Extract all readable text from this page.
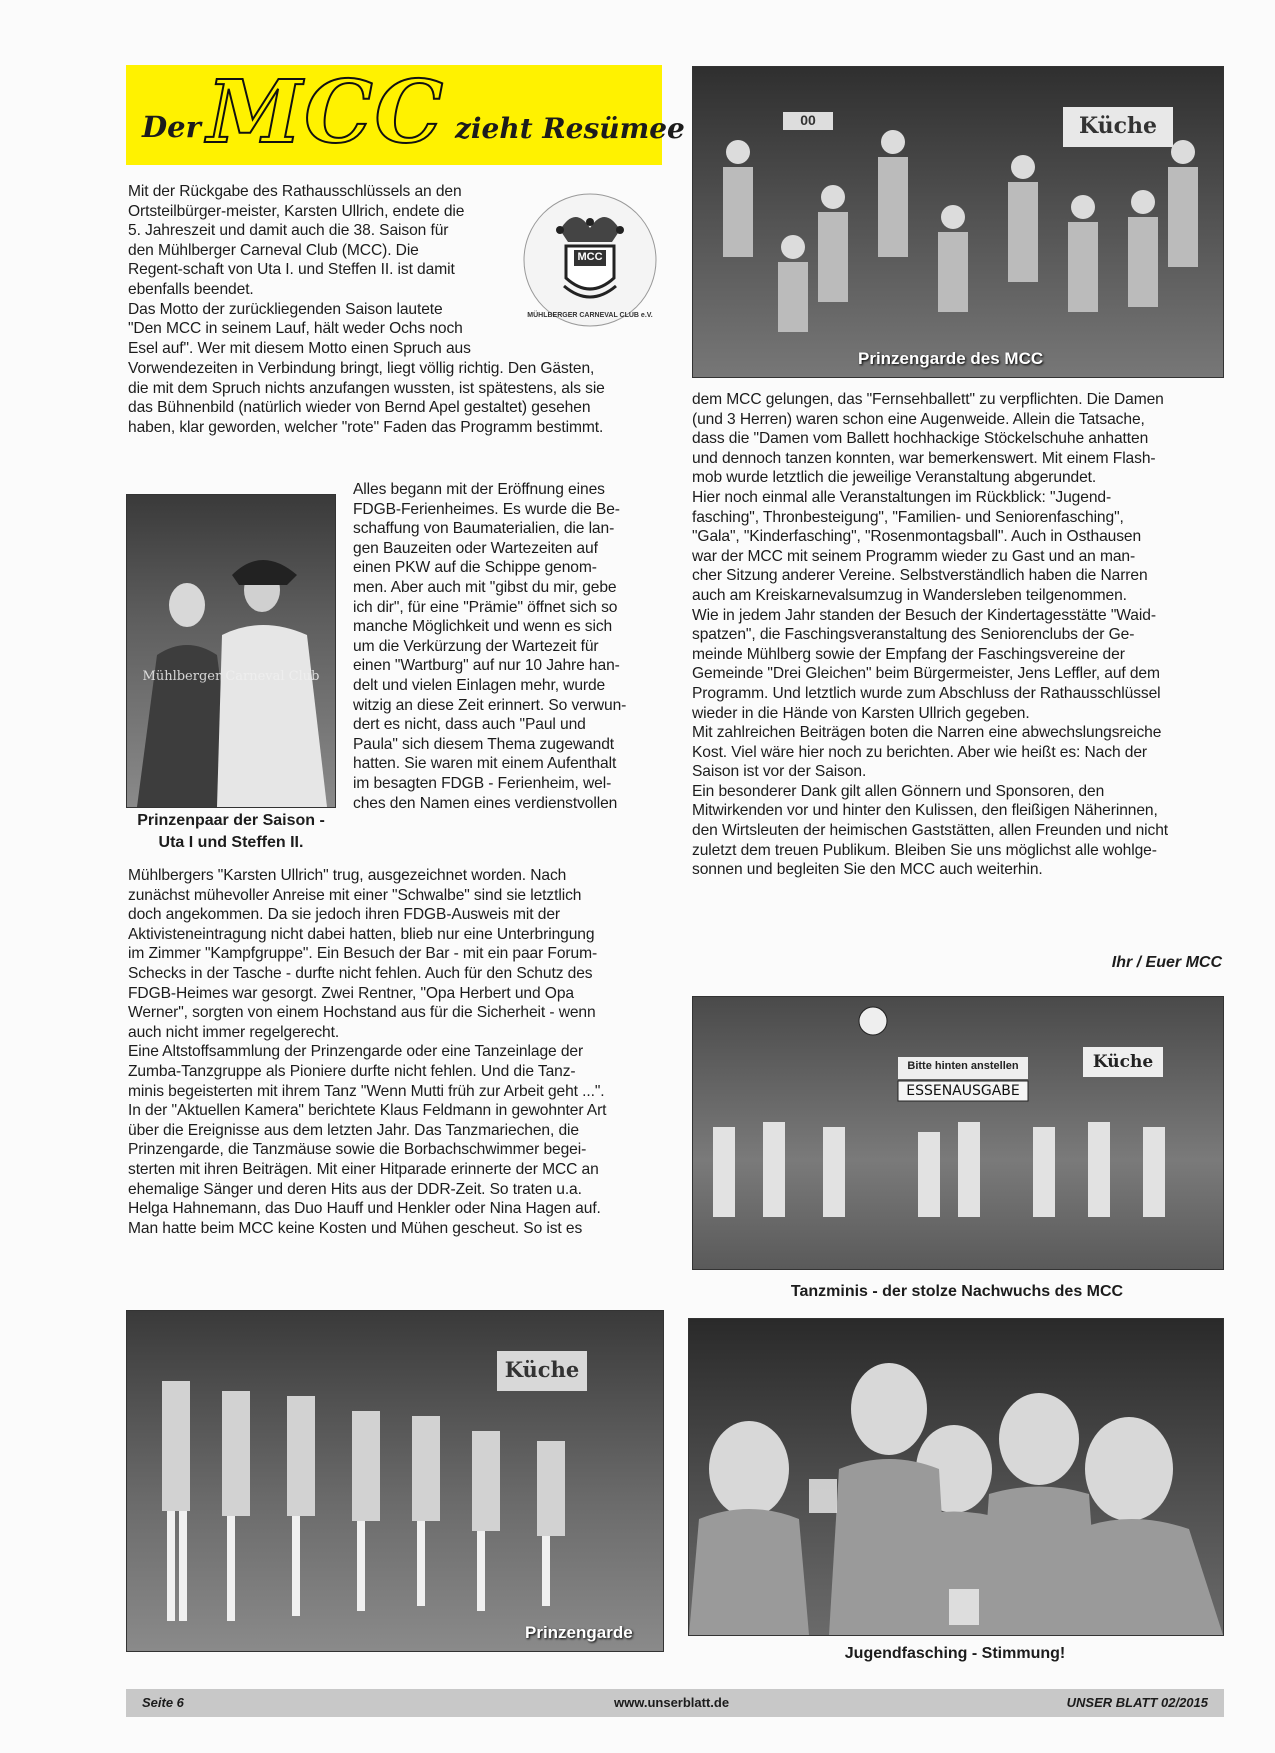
Der MCC zieht Resümee
MCC
MÜHLBERGER CARNEVAL CLUB e.V.

Mit der Rückgabe des Rathausschlüssels an den

Ortsteilbürger-meister, Karsten Ullrich, endete die

5. Jahreszeit und damit auch die 38. Saison für

den Mühlberger Carneval Club (MCC). Die

Regent-schaft von Uta I. und Steffen II. ist damit

ebenfalls beendet.

Das Motto der zurückliegenden Saison lautete

"Den MCC in seinem Lauf, hält weder Ochs noch

Esel auf". Wer mit diesem Motto einen Spruch aus

Vorwendezeiten in Verbindung bringt, liegt völlig richtig. Den Gästen,

die mit dem Spruch nichts anzufangen wussten, ist spätestens, als sie

das Bühnenbild (natürlich wieder von Bernd Apel gestaltet) gesehen

haben, klar geworden, welcher "rote" Faden das Programm bestimmt.

Mühlberger Carneval Club
Prinzenpaar der Saison -
Uta I und Steffen II.

Alles begann mit der Eröffnung eines

FDGB-Ferienheimes. Es wurde die Be-

schaffung von Baumaterialien, die lan-

gen Bauzeiten oder Wartezeiten auf

einen PKW auf die Schippe genom-

men. Aber auch mit "gibst du mir, gebe

ich dir", für eine "Prämie" öffnet sich so

manche Möglichkeit und wenn es sich

um die Verkürzung der Wartezeit für

einen "Wartburg" auf nur 10 Jahre han-

delt und vielen Einlagen mehr, wurde

witzig an diese Zeit erinnert. So verwun-

dert es nicht, dass auch "Paul und

Paula" sich diesem Thema zugewandt

hatten. Sie waren mit einem Aufenthalt

im besagten FDGB - Ferienheim, wel-

ches den Namen eines verdienstvollen

Mühlbergers "Karsten Ullrich" trug, ausgezeichnet worden. Nach

zunächst mühevoller Anreise mit einer "Schwalbe" sind sie letztlich

doch angekommen. Da sie jedoch ihren FDGB-Ausweis mit der

Aktivisteneintragung nicht dabei hatten, blieb nur eine Unterbringung

im Zimmer "Kampfgruppe". Ein Besuch der Bar - mit ein paar Forum-

Schecks in der Tasche - durfte nicht fehlen. Auch für den Schutz des

FDGB-Heimes war gesorgt. Zwei Rentner, "Opa Herbert und Opa

Werner", sorgten von einem Hochstand aus für die Sicherheit - wenn

auch nicht immer regelgerecht.

Eine Altstoffsammlung der Prinzengarde oder eine Tanzeinlage der

Zumba-Tanzgruppe als Pioniere durfte nicht fehlen. Und die Tanz-

minis begeisterten mit ihrem Tanz "Wenn Mutti früh zur Arbeit geht ...".

In der "Aktuellen Kamera" berichtete Klaus Feldmann in gewohnter Art

über die Ereignisse aus dem letzten Jahr. Das Tanzmariechen, die

Prinzengarde, die Tanzmäuse sowie die Borbachschwimmer begei-

sterten mit ihren Beiträgen. Mit einer Hitparade erinnerte der MCC an

ehemalige Sänger und deren Hits aus der DDR-Zeit. So traten u.a.

Helga Hahnemann, das Duo Hauff und Henkler oder Nina Hagen auf.

Man hatte beim MCC keine Kosten und Mühen gescheut. So ist es

Küche
00
Prinzengarde des MCC

dem MCC gelungen, das "Fernsehballett" zu verpflichten. Die Damen

(und 3 Herren) waren schon eine Augenweide. Allein die Tatsache,

dass die "Damen vom Ballett hochhackige Stöckelschuhe anhatten

und dennoch tanzen konnten, war bemerkenswert. Mit einem Flash-

mob wurde letztlich die jeweilige Veranstaltung abgerundet.

Hier noch einmal alle Veranstaltungen im Rückblick: "Jugend-

fasching", Thronbesteigung", "Familien- und Seniorenfasching",

"Gala", "Kinderfasching", "Rosenmontagsball". Auch in Osthausen

war der MCC mit seinem Programm wieder zu Gast und an man-

cher Sitzung anderer Vereine. Selbstverständlich haben die Narren

auch am Kreiskarnevalsumzug in Wandersleben teilgenommen.

Wie in jedem Jahr standen der Besuch der Kindertagesstätte "Waid-

spatzen", die Faschingsveranstaltung des Seniorenclubs der Ge-

meinde Mühlberg sowie der Empfang der Faschingsvereine der

Gemeinde "Drei Gleichen" beim Bürgermeister, Jens Leffler, auf dem

Programm. Und letztlich wurde zum Abschluss der Rathausschlüssel

wieder in die Hände von Karsten Ullrich gegeben.

Mit zahlreichen Beiträgen boten die Narren eine abwechslungsreiche

Kost. Viel wäre hier noch zu berichten. Aber wie heißt es: Nach der

Saison ist vor der Saison.

Ein besonderer Dank gilt allen Gönnern und Sponsoren, den

Mitwirkenden vor und hinter den Kulissen, den fleißigen Näherinnen,

den Wirtsleuten der heimischen Gaststätten, allen Freunden und nicht

zuletzt dem treuen Publikum. Bleiben Sie uns möglichst alle wohlge-

sonnen und begleiten Sie den MCC auch weiterhin.

Ihr / Euer MCC
Bitte hinten anstellen
ESSENAUSGABE
Küche
Tanzminis - der stolze Nachwuchs des MCC
Küche
Prinzengarde
Jugendfasching - Stimmung!
Seite 6	www.unserblatt.de	UNSER BLATT 02/2015
